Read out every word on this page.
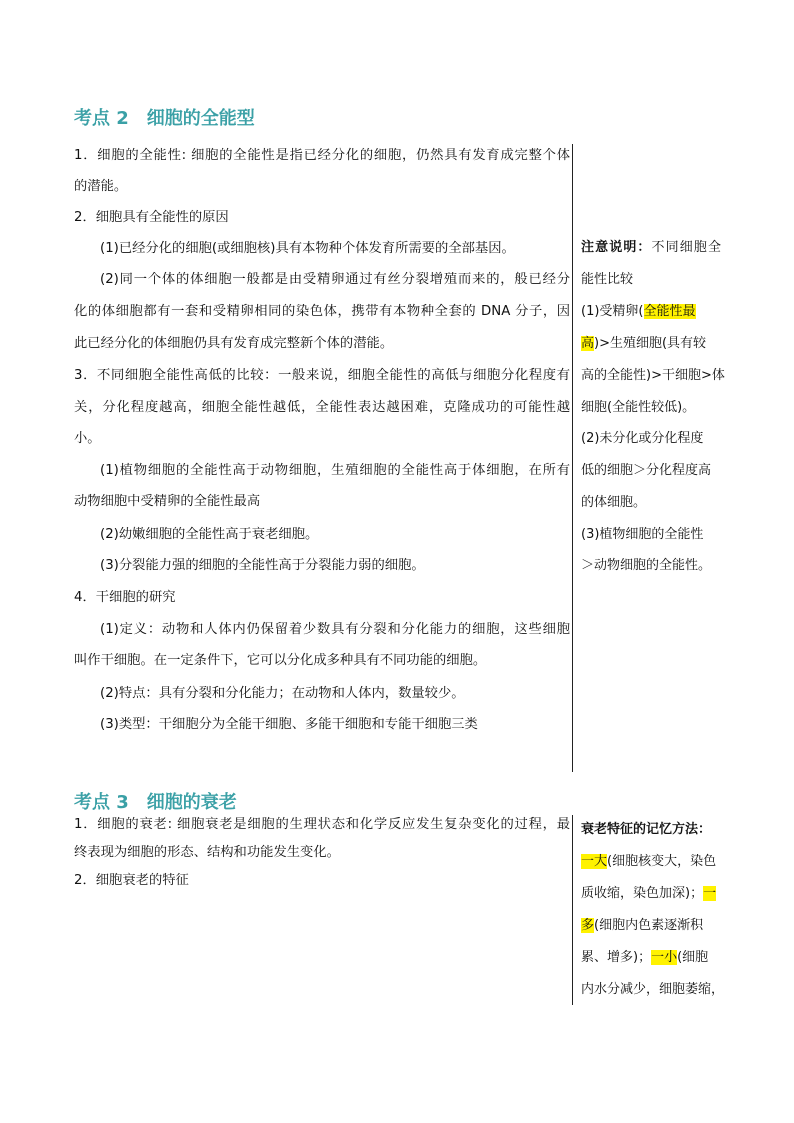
考点 2 细胞的全能型
1．细胞的全能性: 细胞的全能性是指已经分化的细胞，仍然具有发育成完整个体
的潜能。
2．细胞具有全能性的原因
(1)已经分化的细胞(或细胞核)具有本物种个体发育所需要的全部基因。
(2)同一个体的体细胞一般都是由受精卵通过有丝分裂增殖而来的，般已经分
化的体细胞都有一套和受精卵相同的染色体，携带有本物种全套的 DNA 分子，因
此已经分化的体细胞仍具有发育成完整新个体的潜能。
3．不同细胞全能性高低的比较：一般来说，细胞全能性的高低与细胞分化程度有
关，分化程度越高，细胞全能性越低，全能性表达越困难，克隆成功的可能性越
小。
(1)植物细胞的全能性高于动物细胞，生殖细胞的全能性高于体细胞，在所有
动物细胞中受精卵的全能性最高
(2)幼嫩细胞的全能性高于衰老细胞。
(3)分裂能力强的细胞的全能性高于分裂能力弱的细胞。
4．干细胞的研究
(1)定义：动物和人体内仍保留着少数具有分裂和分化能力的细胞，这些细胞
叫作干细胞。在一定条件下，它可以分化成多种具有不同功能的细胞。
(2)特点：具有分裂和分化能力；在动物和人体内，数量较少。
(3)类型：干细胞分为全能干细胞、多能干细胞和专能干细胞三类
注意说明：不同细胞全
能性比较
(1)受精卵(全能性最
高)>生殖细胞(具有较
高的全能性)>干细胞>体
细胞(全能性较低)。
(2)未分化或分化程度
低的细胞＞分化程度高
的体细胞。
(3)植物细胞的全能性
＞动物细胞的全能性。
考点 3 细胞的衰老
1．细胞的衰老: 细胞衰老是细胞的生理状态和化学反应发生复杂变化的过程，最
终表现为细胞的形态、结构和功能发生变化。
2．细胞衰老的特征
衰老特征的记忆方法：
一大(细胞核变大，染色
质收缩，染色加深)；一
多(细胞内色素逐渐积
累、增多)；一小(细胞
内水分减少，细胞萎缩，
